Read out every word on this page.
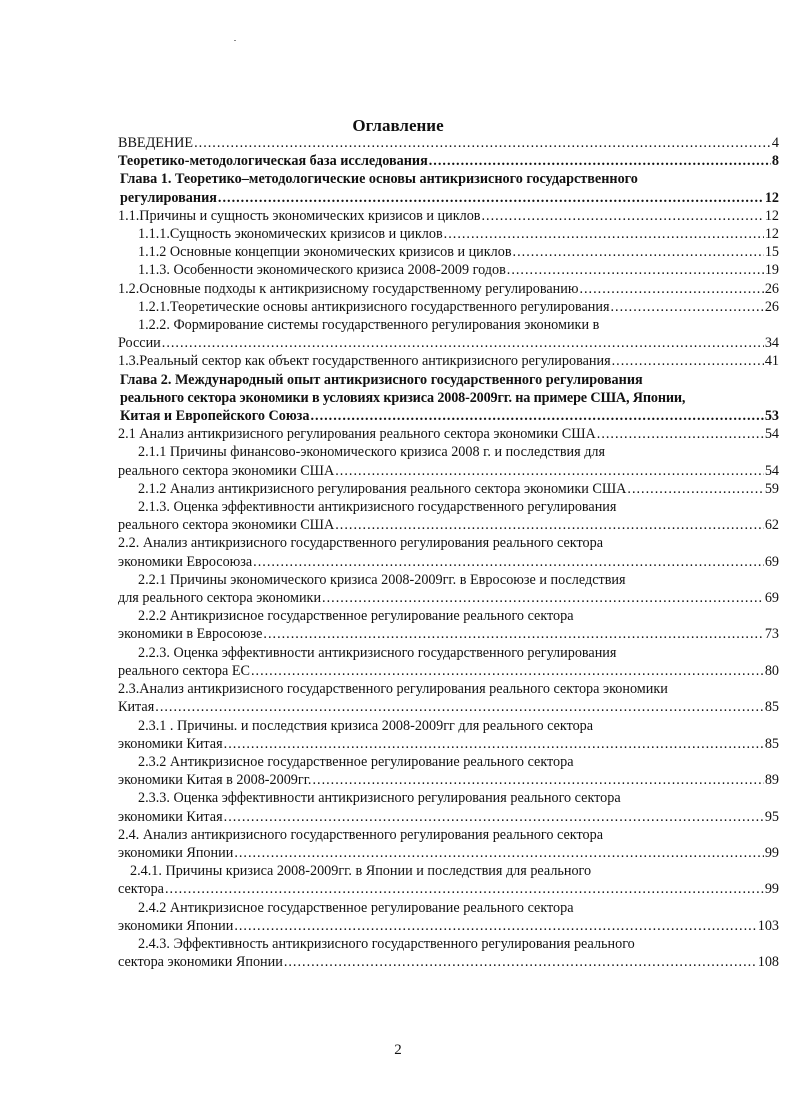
Оглавление
ВВЕДЕНИЕ .....	4
Теоретико-методологическая база исследования .....	8
Глава 1. Теоретико–методологические основы антикризисного государственного
регулирования .....	12
1.1.Причины и сущность экономических кризисов и циклов .....	12
1.1.1.Сущность экономических кризисов и циклов .....	12
1.1.2 Основные концепции экономических кризисов и циклов .....	15
1.1.3. Особенности экономического кризиса 2008-2009 годов .....	19
1.2.Основные подходы к антикризисному государственному регулированию .....	26
1.2.1.Теоретические основы антикризисного государственного регулирования .....	26
1.2.2. Формирование системы государственного регулирования экономики в
России .....	34
1.3.Реальный сектор как объект государственного антикризисного регулирования .....	41
Глава 2. Международный опыт антикризисного государственного регулирования
реального сектора экономики в условиях кризиса 2008-2009гг. на примере США, Японии,
Китая и Европейского Союза .....	53
2.1 Анализ антикризисного регулирования реального сектора экономики США .....	54
2.1.1 Причины финансово-экономического кризиса 2008 г. и последствия для
реального сектора экономики США .....	54
2.1.2 Анализ антикризисного регулирования реального сектора экономики США .....	59
2.1.3. Оценка эффективности антикризисного государственного регулирования
реального сектора экономики США .....	62
2.2. Анализ антикризисного государственного регулирования реального сектора
экономики Евросоюза .....	69
2.2.1 Причины экономического кризиса 2008-2009гг. в Евросоюзе и последствия
для реального сектора экономики .....	69
2.2.2 Антикризисное государственное регулирование реального сектора
экономики в Евросоюзе .....	73
2.2.3. Оценка эффективности антикризисного государственного регулирования
реального сектора ЕС .....	80
2.3.Анализ антикризисного государственного регулирования реального сектора экономики
Китая .....	85
2.3.1 . Причины. и последствия кризиса 2008-2009гг для реального сектора
экономики Китая .....	85
2.3.2 Антикризисное государственное регулирование реального сектора
экономики Китая в 2008-2009гг. .....	89
2.3.3. Оценка эффективности антикризисного регулирования реального сектора
экономики Китая .....	95
2.4. Анализ антикризисного государственного регулирования реального сектора
экономики Японии .....	99
2.4.1. Причины кризиса 2008-2009гг. в Японии и последствия для реального
сектора .....	99
2.4.2 Антикризисное государственное регулирование реального сектора
экономики Японии .....	103
2.4.3. Эффективность антикризисного государственного регулирования реального
сектора экономики Японии .....	108
2
